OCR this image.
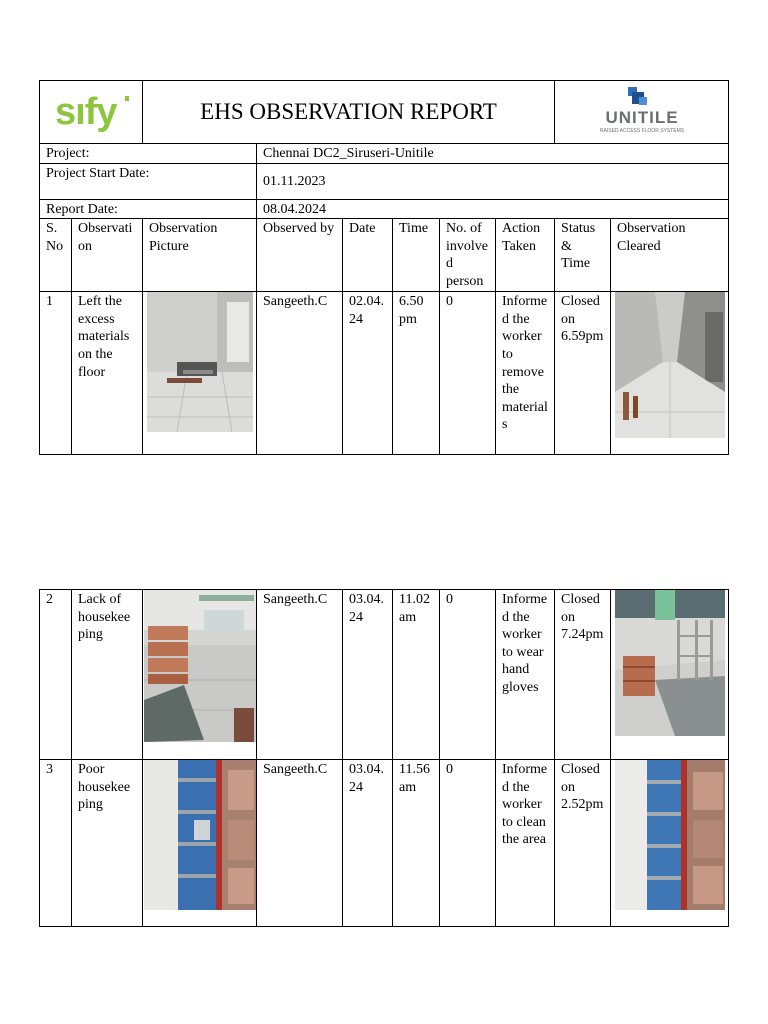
sıfy		EHS OBSERVATION REPORT						UNITILE
RAISED ACCESS FLOOR SYSTEMS	

Project:			Chennai DC2_Siruseri-Unitile						

Project Start Date:			01.11.2023						

Report Date:			08.04.2024						

S.No	Observation	Observation Picture	Observed by	Date	Time	No. of involved person	Action Taken	Status & Time	Observation Cleared

1	Left the excess materials on the floor		Sangeeth.C	02.04.24	6.50 pm	0	Informed the worker to remove the materials	Closed on 6.59pm

2	Lack of housekeeping		Sangeeth.C	03.04.24	11.02am	0	Informed the worker to wear hand gloves	Closed on 7.24pm

3	Poor housekeeping		Sangeeth.C	03.04.24	11.56am	0	Informed the worker to clean the area	Closed on 2.52pm
